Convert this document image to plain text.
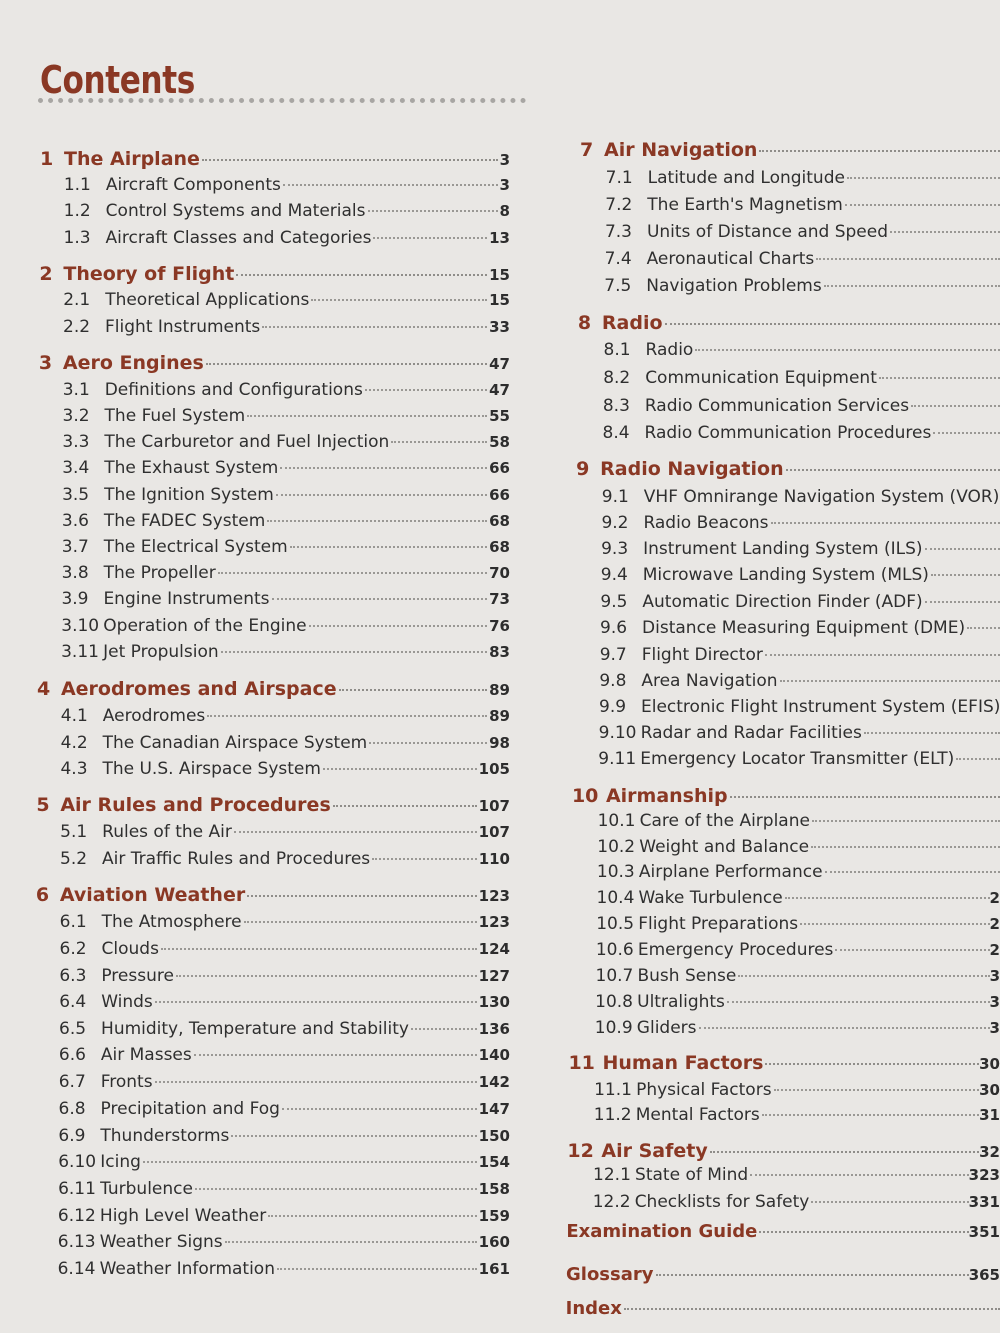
Contents
1 The Airplane	3
1.1 Aircraft Components	3
1.2 Control Systems and Materials	8
1.3 Aircraft Classes and Categories	13
2 Theory of Flight	15
2.1 Theoretical Applications	15
2.2 Flight Instruments	33
3 Aero Engines	47
3.1 Definitions and Configurations	47
3.2 The Fuel System	55
3.3 The Carburetor and Fuel Injection	58
3.4 The Exhaust System	66
3.5 The Ignition System	66
3.6 The FADEC System	68
3.7 The Electrical System	68
3.8 The Propeller	70
3.9 Engine Instruments	73
3.10 Operation of the Engine	76
3.11 Jet Propulsion	83
4 Aerodromes and Airspace	89
4.1 Aerodromes	89
4.2 The Canadian Airspace System	98
4.3 The U.S. Airspace System	105
5 Air Rules and Procedures	107
5.1 Rules of the Air	107
5.2 Air Traffic Rules and Procedures	110
6 Aviation Weather	123
6.1 The Atmosphere	123
6.2 Clouds	124
6.3 Pressure	127
6.4 Winds	130
6.5 Humidity, Temperature and Stability	136
6.6 Air Masses	140
6.7 Fronts	142
6.8 Precipitation and Fog	147
6.9 Thunderstorms	150
6.10 Icing	154
6.11 Turbulence	158
6.12 High Level Weather	159
6.13 Weather Signs	160
6.14 Weather Information	161
7 Air Navigation
7.1 Latitude and Longitude
7.2 The Earth's Magnetism
7.3 Units of Distance and Speed
7.4 Aeronautical Charts
7.5 Navigation Problems
8 Radio
8.1 Radio
8.2 Communication Equipment
8.3 Radio Communication Services
8.4 Radio Communication Procedures
9 Radio Navigation
9.1 VHF Omnirange Navigation System (VOR)
9.2 Radio Beacons
9.3 Instrument Landing System (ILS)
9.4 Microwave Landing System (MLS)
9.5 Automatic Direction Finder (ADF)
9.6 Distance Measuring Equipment (DME)
9.7 Flight Director
9.8 Area Navigation
9.9 Electronic Flight Instrument System (EFIS)
9.10 Radar and Radar Facilities
9.11 Emergency Locator Transmitter (ELT)
10 Airmanship
10.1 Care of the Airplane
10.2 Weight and Balance
10.3 Airplane Performance
10.4 Wake Turbulence	2
10.5 Flight Preparations	2
10.6 Emergency Procedures	2
10.7 Bush Sense	3
10.8 Ultralights	3
10.9 Gliders	3
11 Human Factors	30
11.1 Physical Factors	30
11.2 Mental Factors	31
12 Air Safety	32
12.1 State of Mind	323
12.2 Checklists for Safety	331
Examination Guide	351
Glossary	365
Index
